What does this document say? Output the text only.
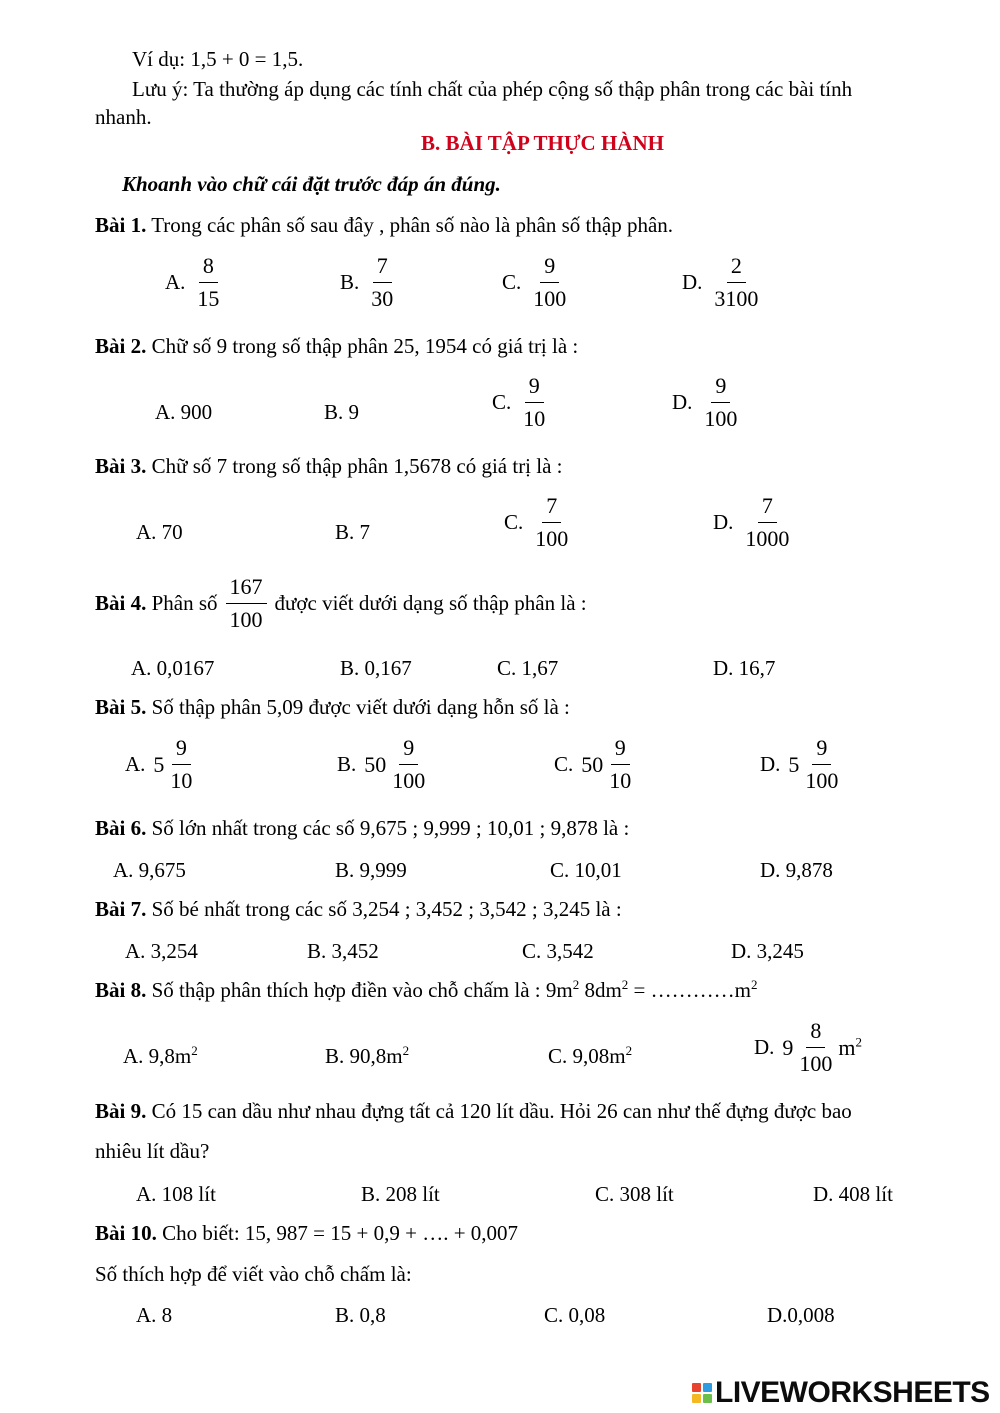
Ví dụ: 1,5 + 0 = 1,5.
Lưu ý: Ta thường áp dụng các tính chất của phép cộng số thập phân trong các bài tính
nhanh.
B. BÀI TẬP THỰC HÀNH
Khoanh vào chữ cái đặt trước đáp án đúng.
Bài 1. Trong các phân số sau đây , phân số nào là phân số thập phân.
A. $\frac{8}{15}$	B. $\frac{7}{30}$	C. $\frac{9}{100}$	D. $\frac{2}{3100}$
Bài 2. Chữ số 9 trong số thập phân 25, 1954 có giá trị là :
A. 900	B. 9	C. $\frac{9}{10}$	D. $\frac{9}{100}$
Bài 3. Chữ số 7 trong số thập phân 1,5678 có giá trị là :
A. 70	B. 7	C. $\frac{7}{100}$	D. $\frac{7}{1000}$
Bài 4. Phân số $\frac{167}{100}$ được viết dưới dạng số thập phân là :
A. 0,0167	B. 0,167	C. 1,67	D. 16,7
Bài 5. Số thập phân 5,09 được viết dưới dạng hỗn số là :
A. $5 \frac{9}{10}$	B. $50 \frac{9}{100}$	C. $50 \frac{9}{10}$	D. $5 \frac{9}{100}$
Bài 6. Số lớn nhất trong các số 9,675 ; 9,999 ; 10,01 ; 9,878 là :
A. 9,675	B. 9,999	C. 10,01	D. 9,878
Bài 7. Số bé nhất trong các số 3,254 ; 3,452 ; 3,542 ; 3,245 là :
A. 3,254	B. 3,452	C. 3,542	D. 3,245
Bài 8. Số thập phân thích hợp điền vào chỗ chấm là : $9m^2$ $8dm^2$ = $\dots\dots\dots\dots m^2$
A. $9,8m^2$	B. $90,8m^2$	C. $9,08m^2$	D. $9 \frac{8}{100} m^2$
Bài 9. Có 15 can dầu như nhau đựng tất cả 120 lít dầu. Hỏi 26 can như thế đựng được bao
nhiêu lít dầu?
A. 108 lít	B. 208 lít	C. 308 lít	D. 408 lít
Bài 10. Cho biết: 15, 987 = 15 + 0,9 + …. + 0,007
Số thích hợp để viết vào chỗ chấm là:
A. 8	B. 0,8	C. 0,08	D.0,008
LIVEWORKSHEETS
